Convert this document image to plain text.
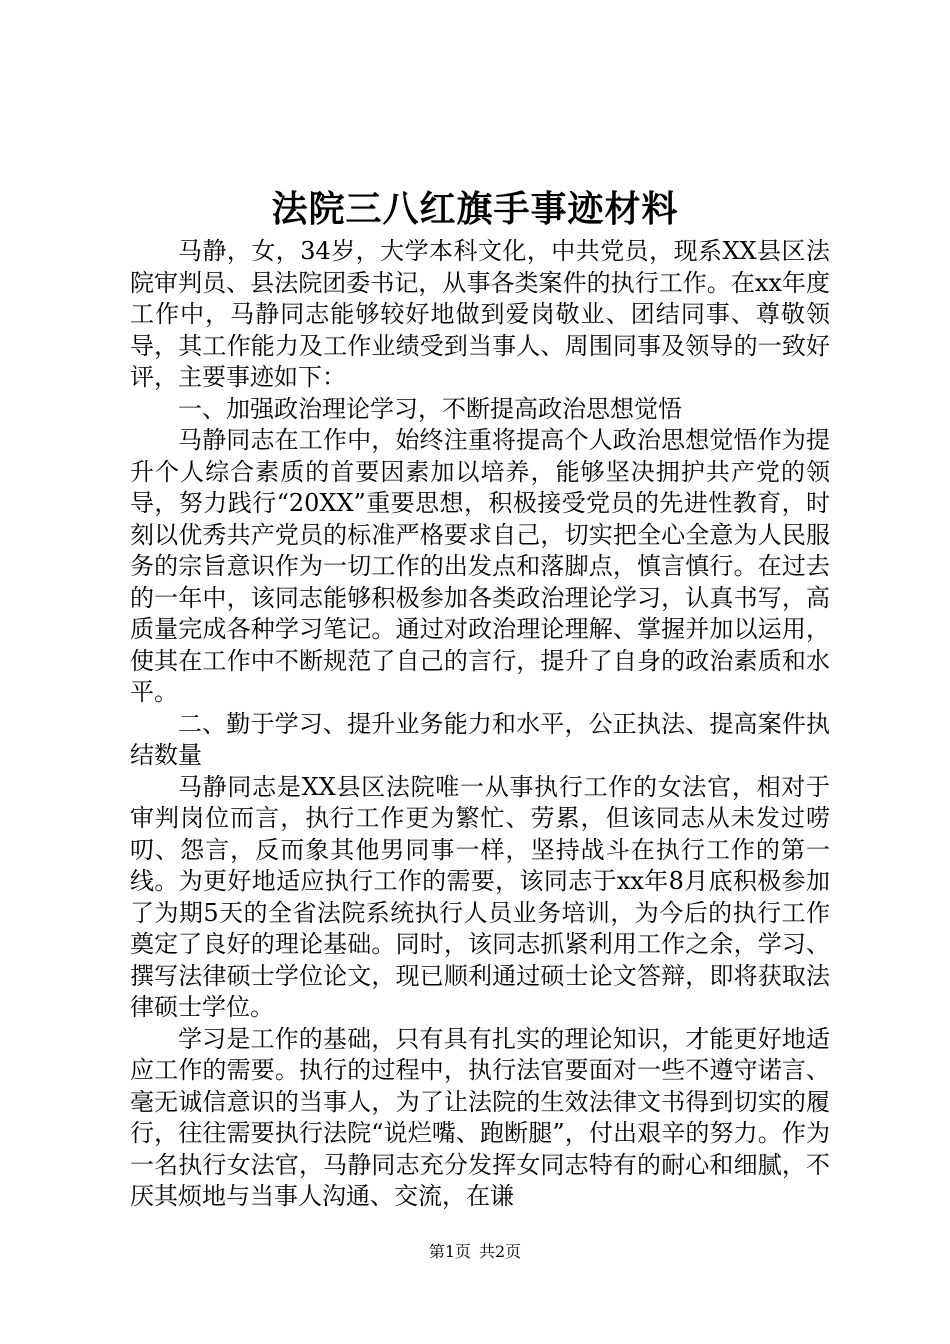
法院三八红旗手事迹材料

马静，女，34岁，大学本科文化，中共党员，现系XX县区法院审判员、县法院团委书记，从事各类案件的执行工作。在xx年度工作中，马静同志能够较好地做到爱岗敬业、团结同事、尊敬领导，其工作能力及工作业绩受到当事人、周围同事及领导的一致好评，主要事迹如下：

一、加强政治理论学习，不断提高政治思想觉悟

马静同志在工作中，始终注重将提高个人政治思想觉悟作为提升个人综合素质的首要因素加以培养，能够坚决拥护共产党的领导，努力践行“20XX”重要思想，积极接受党员的先进性教育，时刻以优秀共产党员的标准严格要求自己，切实把全心全意为人民服务的宗旨意识作为一切工作的出发点和落脚点，慎言慎行。在过去的一年中，该同志能够积极参加各类政治理论学习，认真书写，高质量完成各种学习笔记。通过对政治理论理解、掌握并加以运用，使其在工作中不断规范了自己的言行，提升了自身的政治素质和水平。

二、勤于学习、提升业务能力和水平，公正执法、提高案件执结数量

马静同志是XX县区法院唯一从事执行工作的女法官，相对于审判岗位而言，执行工作更为繁忙、劳累，但该同志从未发过唠叨、怨言，反而象其他男同事一样，坚持战斗在执行工作的第一线。为更好地适应执行工作的需要，该同志于xx年8月底积极参加了为期5天的全省法院系统执行人员业务培训，为今后的执行工作奠定了良好的理论基础。同时，该同志抓紧利用工作之余，学习、撰写法律硕士学位论文，现已顺利通过硕士论文答辩，即将获取法律硕士学位。

学习是工作的基础，只有具有扎实的理论知识，才能更好地适应工作的需要。执行的过程中，执行法官要面对一些不遵守诺言、毫无诚信意识的当事人，为了让法院的生效法律文书得到切实的履行，往往需要执行法院“说烂嘴、跑断腿”，付出艰辛的努力。作为一名执行女法官，马静同志充分发挥女同志特有的耐心和细腻，不厌其烦地与当事人沟通、交流，在谦

第1页 共2页
